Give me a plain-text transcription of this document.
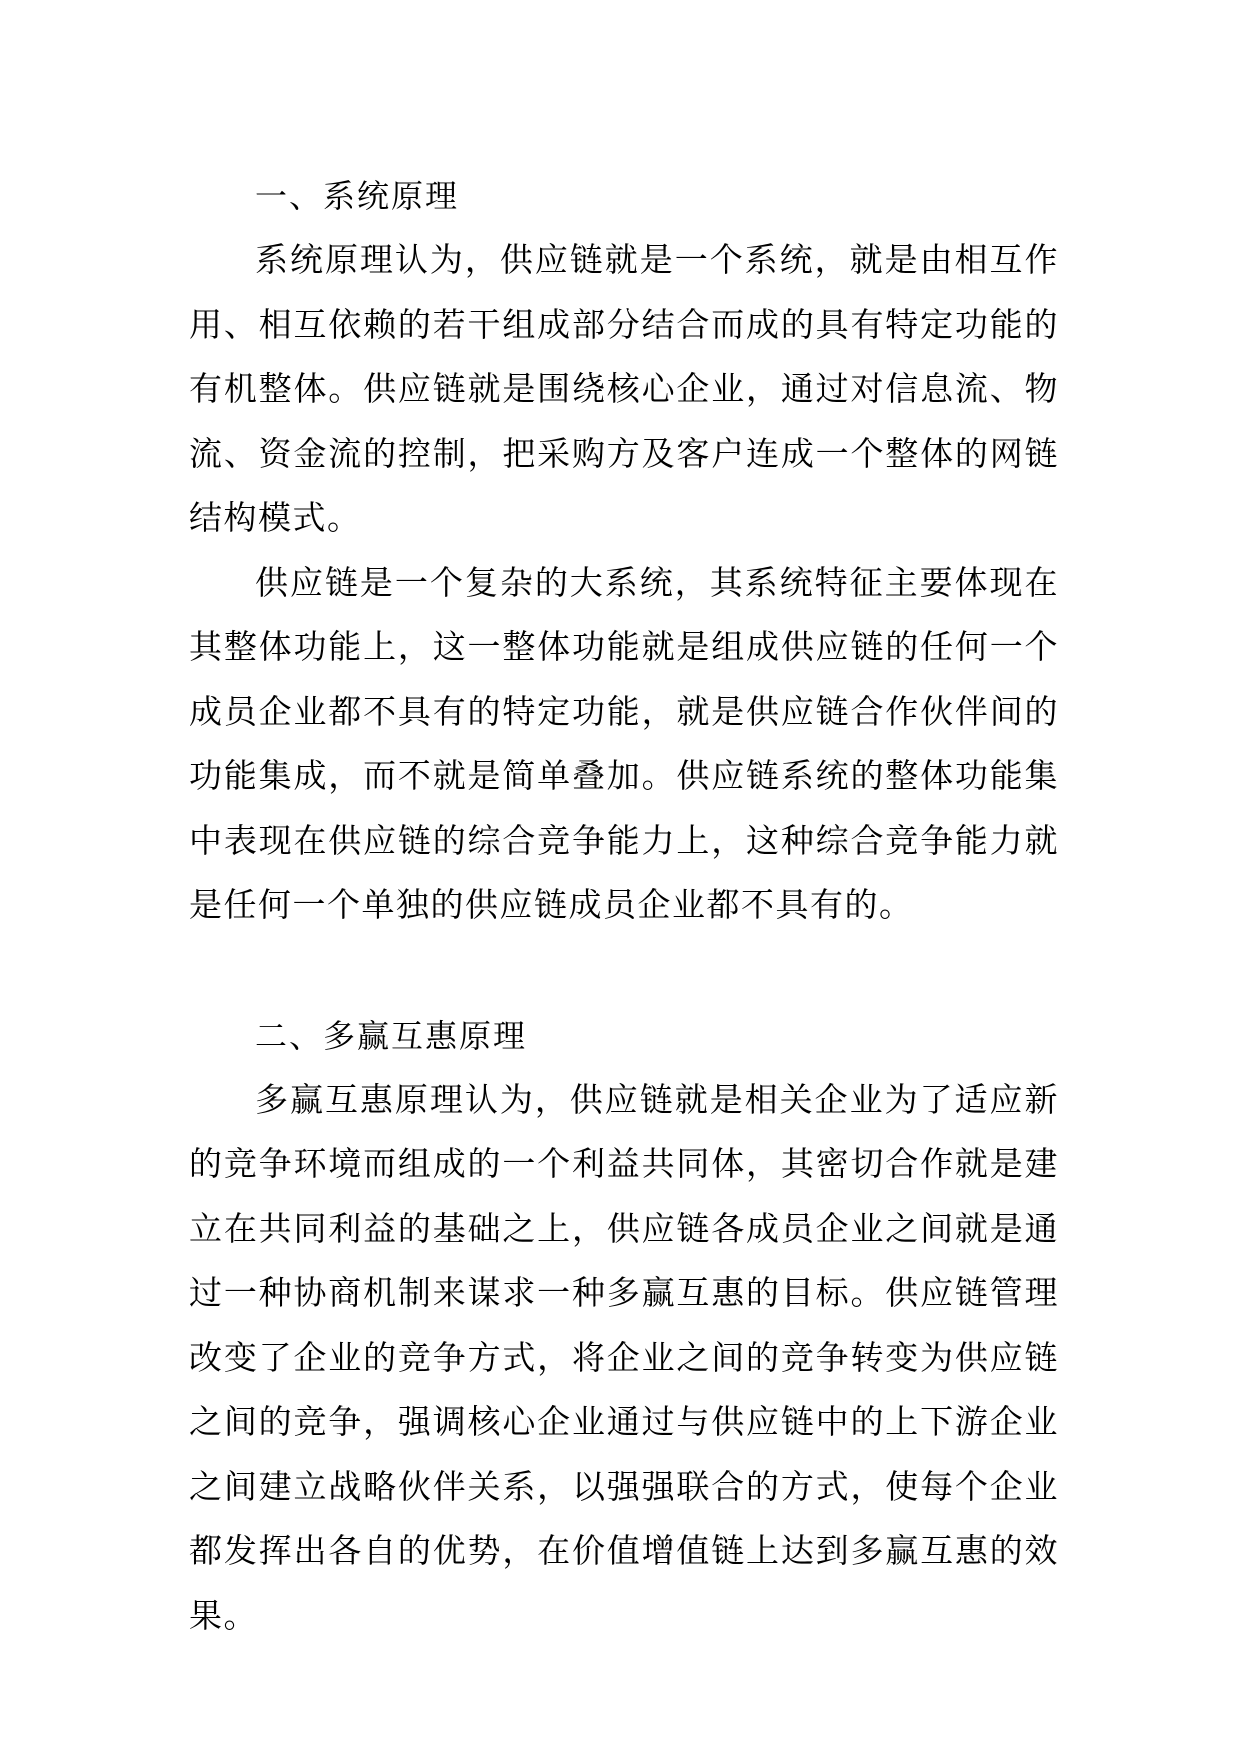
一、系统原理

系统原理认为，供应链就是一个系统，就是由相互作用、相互依赖的若干组成部分结合而成的具有特定功能的有机整体。供应链就是围绕核心企业，通过对信息流、物流、资金流的控制，把采购方及客户连成一个整体的网链结构模式。

供应链是一个复杂的大系统，其系统特征主要体现在其整体功能上，这一整体功能就是组成供应链的任何一个成员企业都不具有的特定功能，就是供应链合作伙伴间的功能集成，而不就是简单叠加。供应链系统的整体功能集中表现在供应链的综合竞争能力上，这种综合竞争能力就是任何一个单独的供应链成员企业都不具有的。

二、多赢互惠原理

多赢互惠原理认为，供应链就是相关企业为了适应新的竞争环境而组成的一个利益共同体，其密切合作就是建立在共同利益的基础之上，供应链各成员企业之间就是通过一种协商机制来谋求一种多赢互惠的目标。供应链管理改变了企业的竞争方式，将企业之间的竞争转变为供应链之间的竞争，强调核心企业通过与供应链中的上下游企业之间建立战略伙伴关系，以强强联合的方式，使每个企业都发挥出各自的优势，在价值增值链上达到多赢互惠的效果。
